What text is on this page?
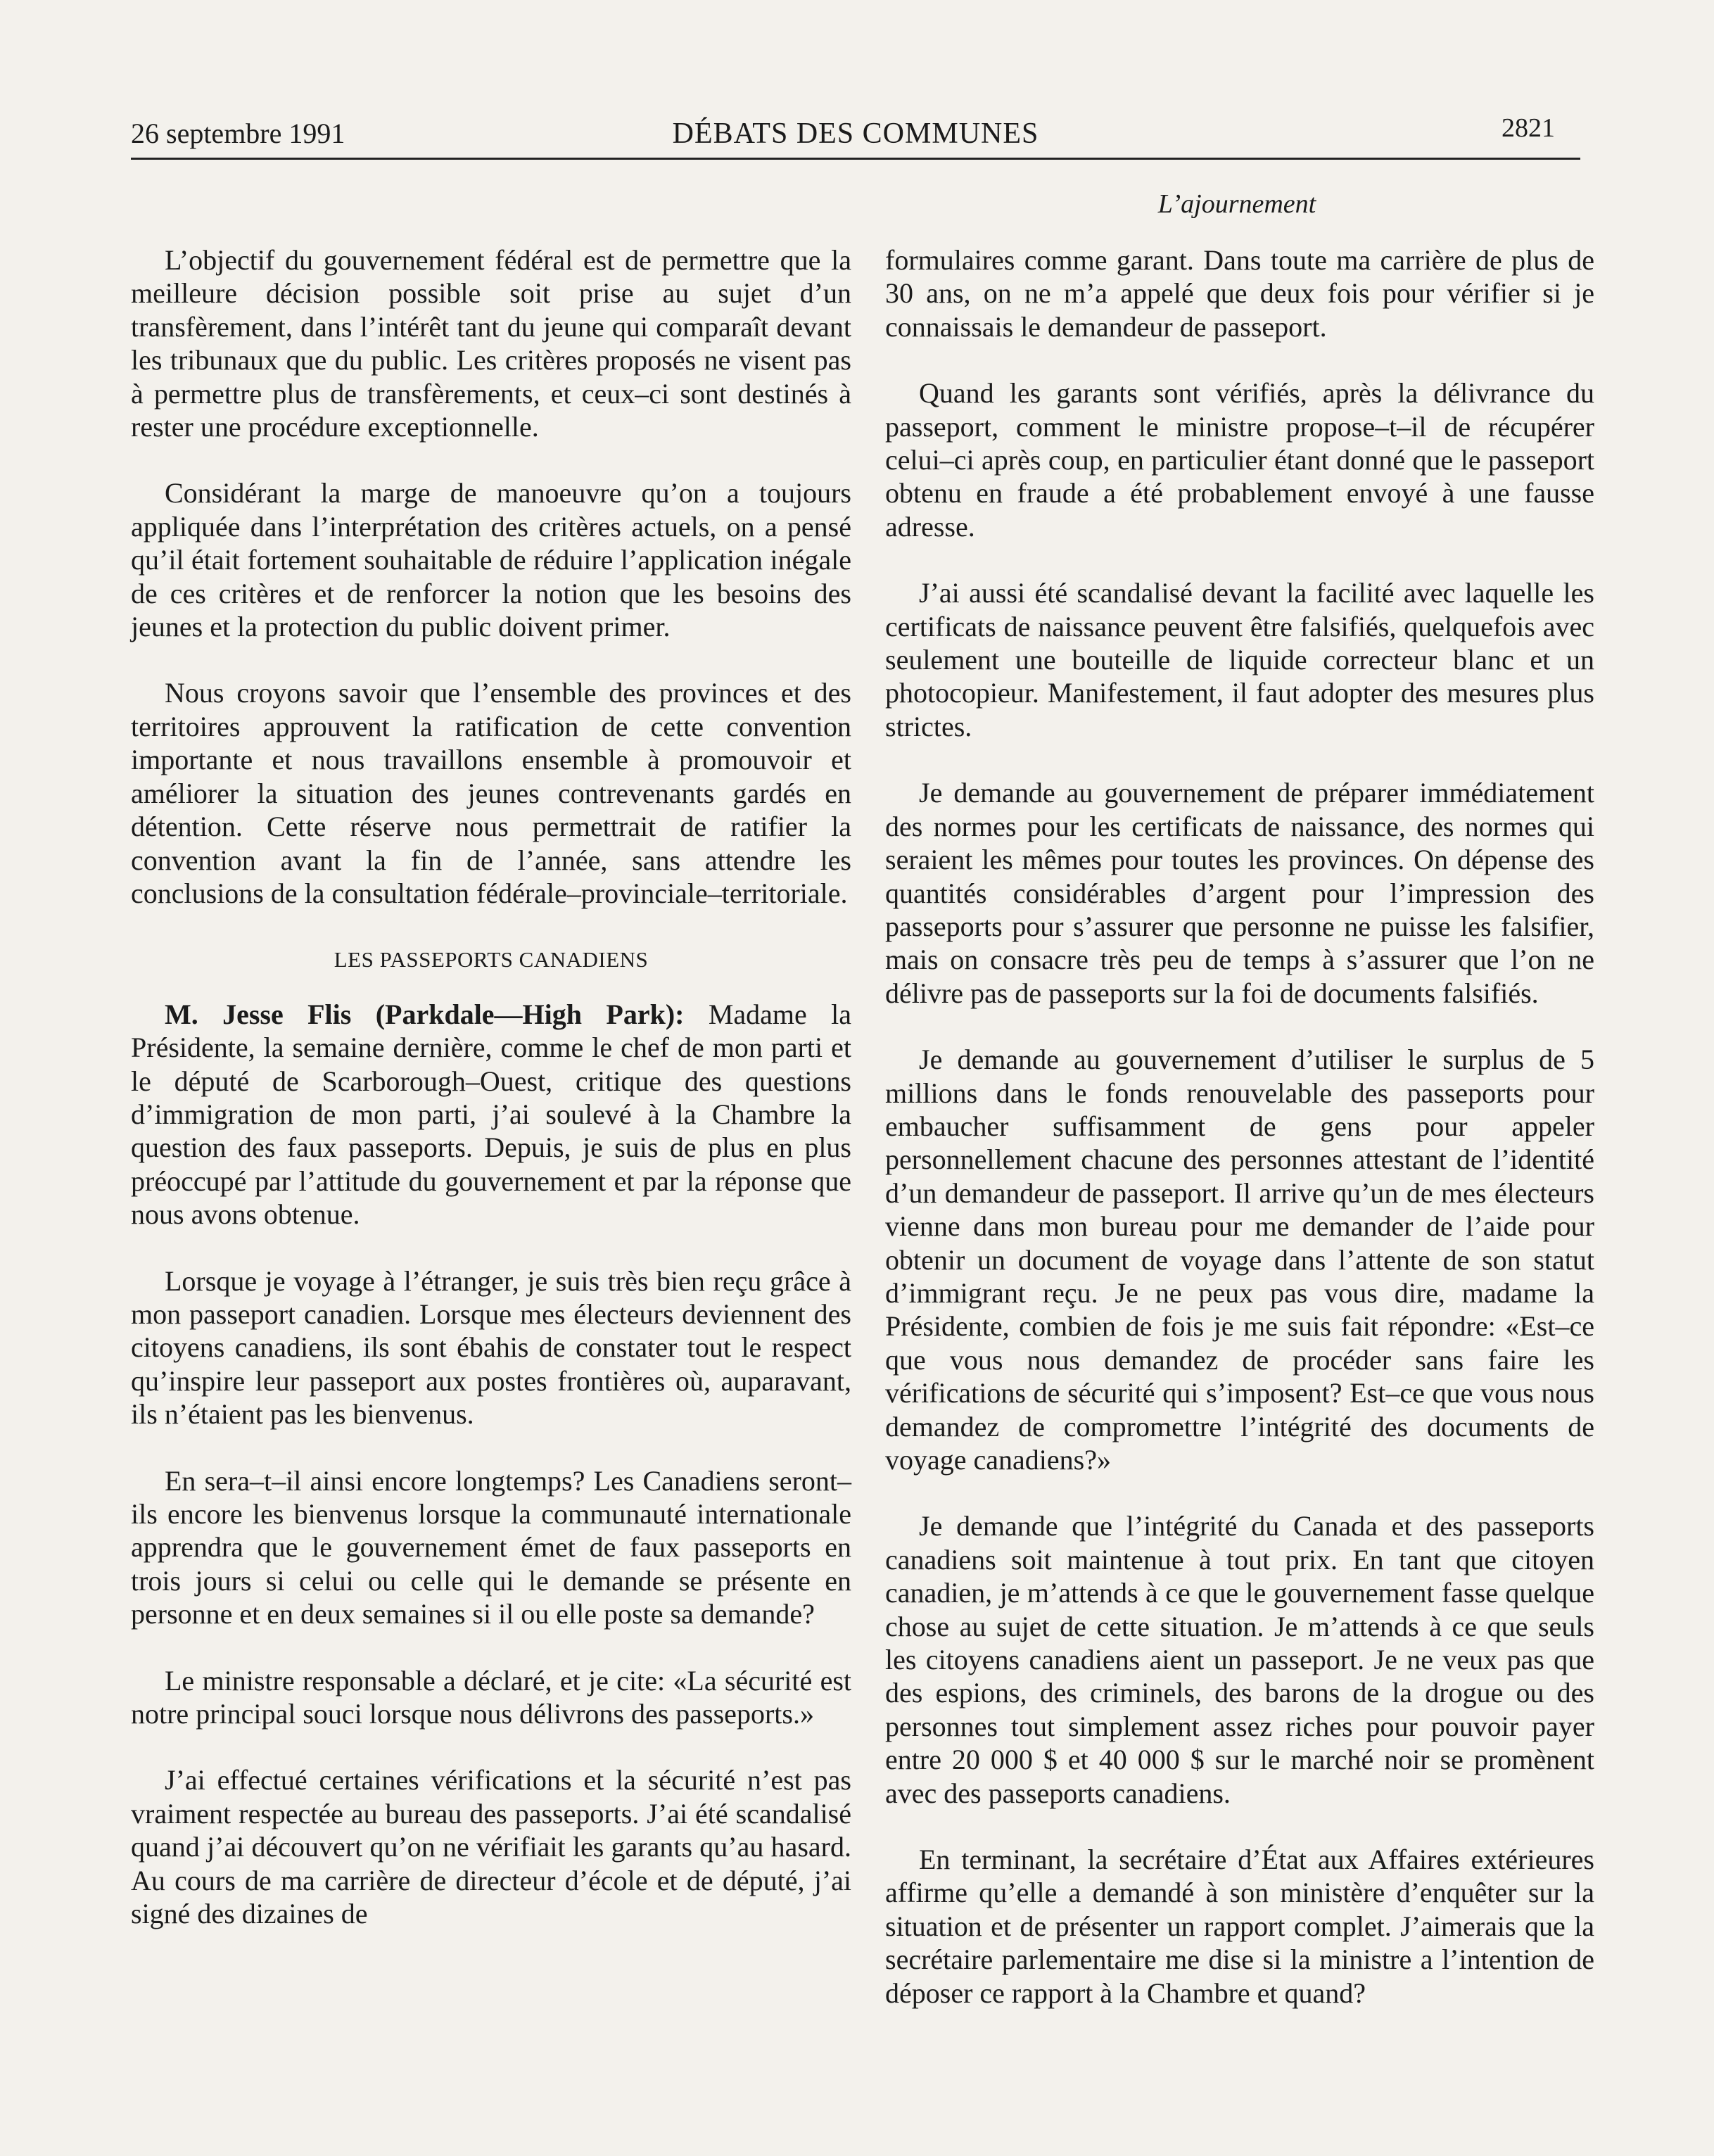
26 septembre 1991	DÉBATS DES COMMUNES	2821
L’ajournement

L’objectif du gouvernement fédéral est de permettre que la meilleure décision possible soit prise au sujet d’un transfèrement, dans l’intérêt tant du jeune qui comparaît devant les tribunaux que du public. Les critères proposés ne visent pas à permettre plus de transfèrements, et ceux–ci sont destinés à rester une procédure exceptionnelle.

Considérant la marge de manoeuvre qu’on a toujours appliquée dans l’interprétation des critères actuels, on a pensé qu’il était fortement souhaitable de réduire l’application inégale de ces critères et de renforcer la notion que les besoins des jeunes et la protection du public doivent primer.

Nous croyons savoir que l’ensemble des provinces et des territoires approuvent la ratification de cette convention importante et nous travaillons ensemble à promouvoir et améliorer la situation des jeunes contrevenants gardés en détention. Cette réserve nous permettrait de ratifier la convention avant la fin de l’année, sans attendre les conclusions de la consultation fédérale–provinciale–territoriale.

LES PASSEPORTS CANADIENS

M. Jesse Flis (Parkdale—High Park): Madame la Présidente, la semaine dernière, comme le chef de mon parti et le député de Scarborough–Ouest, critique des questions d’immigration de mon parti, j’ai soulevé à la Chambre la question des faux passeports. Depuis, je suis de plus en plus préoccupé par l’attitude du gouvernement et par la réponse que nous avons obtenue.

Lorsque je voyage à l’étranger, je suis très bien reçu grâce à mon passeport canadien. Lorsque mes électeurs deviennent des citoyens canadiens, ils sont ébahis de constater tout le respect qu’inspire leur passeport aux postes frontières où, auparavant, ils n’étaient pas les bienvenus.

En sera–t–il ainsi encore longtemps? Les Canadiens seront–ils encore les bienvenus lorsque la communauté internationale apprendra que le gouvernement émet de faux passeports en trois jours si celui ou celle qui le demande se présente en personne et en deux semaines si il ou elle poste sa demande?

Le ministre responsable a déclaré, et je cite: «La sécurité est notre principal souci lorsque nous délivrons des passeports.»

J’ai effectué certaines vérifications et la sécurité n’est pas vraiment respectée au bureau des passeports. J’ai été scandalisé quand j’ai découvert qu’on ne vérifiait les garants qu’au hasard. Au cours de ma carrière de directeur d’école et de député, j’ai signé des dizaines de

formulaires comme garant. Dans toute ma carrière de plus de 30 ans, on ne m’a appelé que deux fois pour vérifier si je connaissais le demandeur de passeport.

Quand les garants sont vérifiés, après la délivrance du passeport, comment le ministre propose–t–il de récupérer celui–ci après coup, en particulier étant donné que le passeport obtenu en fraude a été probablement envoyé à une fausse adresse.

J’ai aussi été scandalisé devant la facilité avec laquelle les certificats de naissance peuvent être falsifiés, quelquefois avec seulement une bouteille de liquide correcteur blanc et un photocopieur. Manifestement, il faut adopter des mesures plus strictes.

Je demande au gouvernement de préparer immédiatement des normes pour les certificats de naissance, des normes qui seraient les mêmes pour toutes les provinces. On dépense des quantités considérables d’argent pour l’impression des passeports pour s’assurer que personne ne puisse les falsifier, mais on consacre très peu de temps à s’assurer que l’on ne délivre pas de passeports sur la foi de documents falsifiés.

Je demande au gouvernement d’utiliser le surplus de 5 millions dans le fonds renouvelable des passeports pour embaucher suffisamment de gens pour appeler personnellement chacune des personnes attestant de l’identité d’un demandeur de passeport. Il arrive qu’un de mes électeurs vienne dans mon bureau pour me demander de l’aide pour obtenir un document de voyage dans l’attente de son statut d’immigrant reçu. Je ne peux pas vous dire, madame la Présidente, combien de fois je me suis fait répondre: «Est–ce que vous nous demandez de procéder sans faire les vérifications de sécurité qui s’imposent? Est–ce que vous nous demandez de compromettre l’intégrité des documents de voyage canadiens?»

Je demande que l’intégrité du Canada et des passeports canadiens soit maintenue à tout prix. En tant que citoyen canadien, je m’attends à ce que le gouvernement fasse quelque chose au sujet de cette situation. Je m’attends à ce que seuls les citoyens canadiens aient un passeport. Je ne veux pas que des espions, des criminels, des barons de la drogue ou des personnes tout simplement assez riches pour pouvoir payer entre 20 000 $ et 40 000 $ sur le marché noir se promènent avec des passeports canadiens.

En terminant, la secrétaire d’État aux Affaires extérieures affirme qu’elle a demandé à son ministère d’enquêter sur la situation et de présenter un rapport complet. J’aimerais que la secrétaire parlementaire me dise si la ministre a l’intention de déposer ce rapport à la Chambre et quand?
